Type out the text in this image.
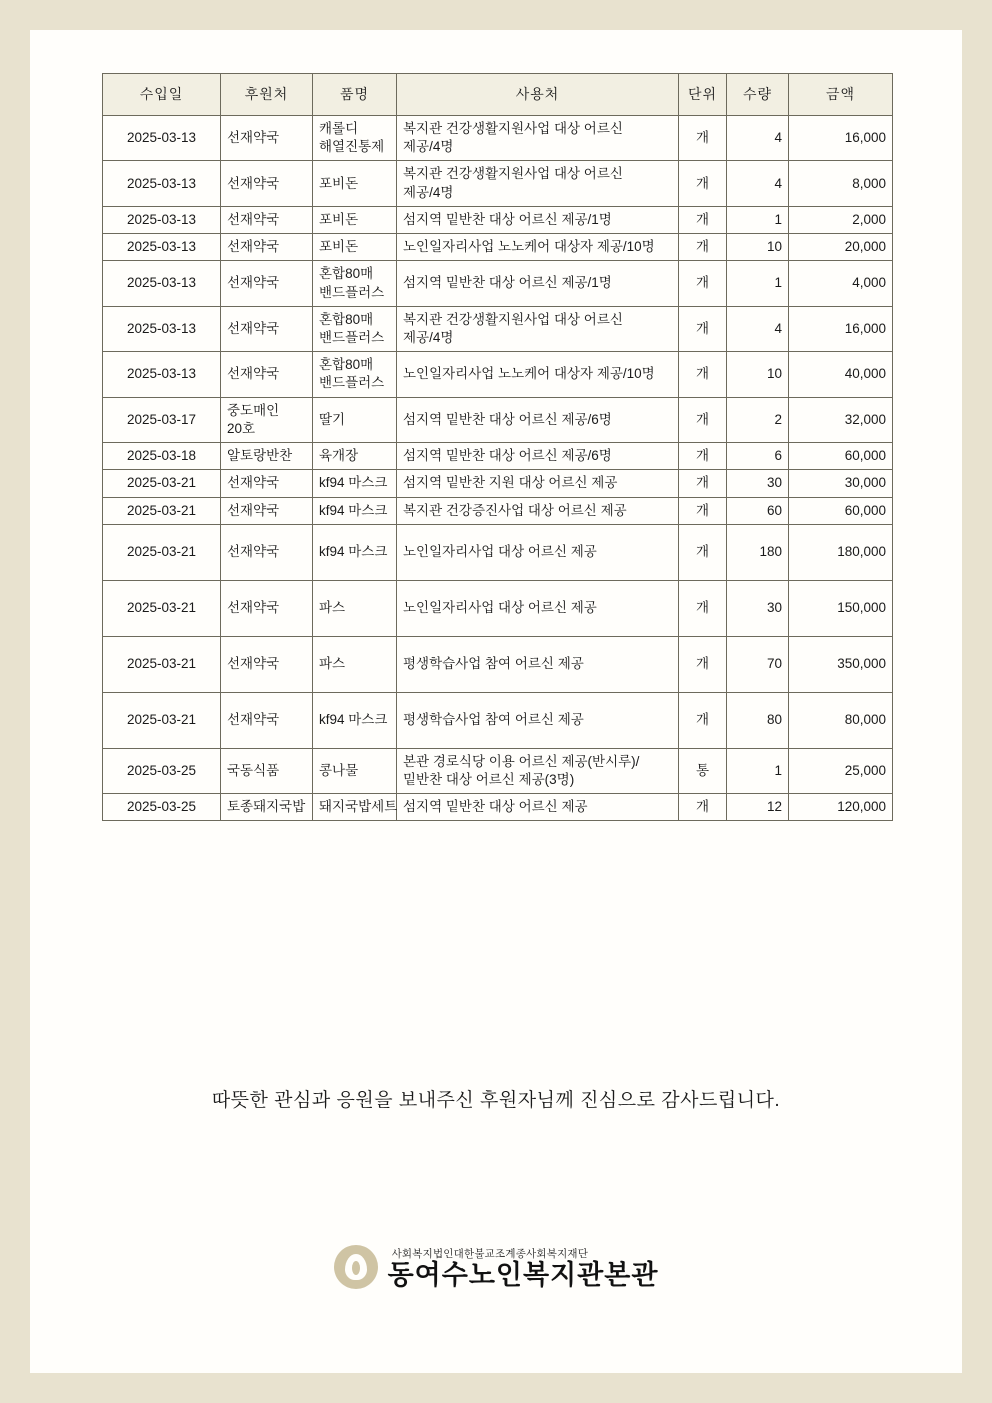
수입일	후원처	품명	사용처	단위	수량	금액
2025-03-13	선재약국	캐롤디 해열진통제	복지관 건강생활지원사업 대상 어르신 제공/4명	개	4	16,000
2025-03-13	선재약국	포비돈	복지관 건강생활지원사업 대상 어르신 제공/4명	개	4	8,000
2025-03-13	선재약국	포비돈	섬지역 밑반찬 대상 어르신 제공/1명	개	1	2,000
2025-03-13	선재약국	포비돈	노인일자리사업 노노케어 대상자 제공/10명	개	10	20,000
2025-03-13	선재약국	혼합80매 밴드플러스	섬지역 밑반찬 대상 어르신 제공/1명	개	1	4,000
2025-03-13	선재약국	혼합80매 밴드플러스	복지관 건강생활지원사업 대상 어르신 제공/4명	개	4	16,000
2025-03-13	선재약국	혼합80매 밴드플러스	노인일자리사업 노노케어 대상자 제공/10명	개	10	40,000
2025-03-17	중도매인 20호	딸기	섬지역 밑반찬 대상 어르신 제공/6명	개	2	32,000
2025-03-18	알토랑반찬	육개장	섬지역 밑반찬 대상 어르신 제공/6명	개	6	60,000
2025-03-21	선재약국	kf94 마스크	섬지역 밑반찬 지원 대상 어르신 제공	개	30	30,000
2025-03-21	선재약국	kf94 마스크	복지관 건강증진사업 대상 어르신 제공	개	60	60,000
2025-03-21	선재약국	kf94 마스크	노인일자리사업 대상 어르신 제공	개	180	180,000
2025-03-21	선재약국	파스	노인일자리사업 대상 어르신 제공	개	30	150,000
2025-03-21	선재약국	파스	평생학습사업 참여 어르신 제공	개	70	350,000
2025-03-21	선재약국	kf94 마스크	평생학습사업 참여 어르신 제공	개	80	80,000
2025-03-25	국동식품	콩나물	본관 경로식당 이용 어르신 제공(반시루)/밑반찬 대상 어르신 제공(3명)	통	1	25,000
2025-03-25	토종돼지국밥	돼지국밥세트	섬지역 밑반찬 대상 어르신 제공	개	12	120,000
따뜻한 관심과 응원을 보내주신 후원자님께 진심으로 감사드립니다.
사회복지법인대한불교조계종사회복지재단
동여수노인복지관본관
